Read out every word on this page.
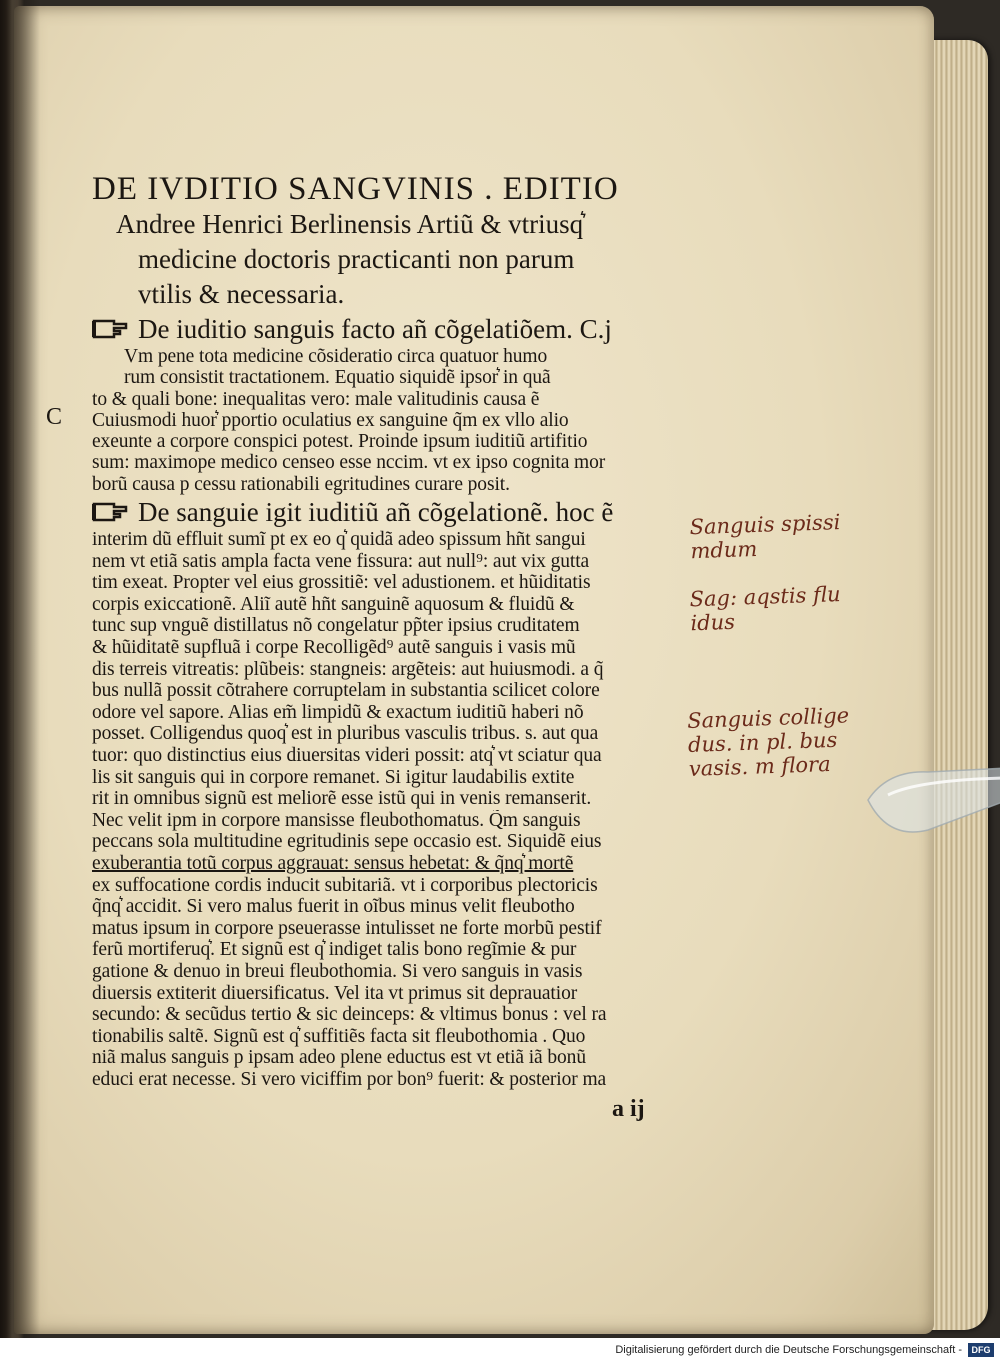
DE IVDITIO SANGVINIS . EDITIO
Andree Henrici Berlinensis Artiũ & vtriusq͛
medicine doctoris practicanti non parum
vtilis & necessaria.
De iuditio sanguis facto añ cõgelatiõem. C.j
Vm pene tota medicine cõsideratio circa quatuor humo
rum consistit tractationem. Equatio siquidẽ ipsor͛ in quã
to & quali bone: inequalitas vero: male valitudinis causa ẽ
Cuiusmodi huor͛ pportio oculatius ex sanguine q̃m ex vllo alio
exeunte a corpore conspici potest. Proinde ipsum iuditiũ artifitio
sum: maximope medico censeo esse nccim. vt ex ipso cognita mor
borũ causa p cessu rationabili egritudines curare posit.
De sanguie igit iuditiũ añ cõgelationẽ. hoc ẽ
interim dũ effluit sumĩ pt ex eo q͛ quidã adeo spissum hñt sangui
nem vt etiã satis ampla facta vene fissura: aut null⁹: aut vix gutta
tim exeat. Propter vel eius grossitiẽ: vel adustionem. et hũiditatis
corpis exiccationẽ. Aliĩ autẽ hñt sanguinẽ aquosum & fluidũ &
tunc sup vnguẽ distillatus nõ congelatur pp̃ter ipsius cruditatem
& hũiditatẽ supfluã i corpe Recolligẽd⁹ autẽ sanguis i vasis mũ
dis terreis vitreatis: plũbeis: stangneis: argẽteis: aut huiusmodi. a q̃
bus nullã possit cõtrahere corruptelam in substantia scilicet colore
odore vel sapore. Alias em̃ limpidũ & exactum iuditiũ haberi nõ
posset. Colligendus quoq͛ est in pluribus vasculis tribus. s. aut qua
tuor: quo distinctius eius diuersitas videri possit: atq͛ vt sciatur qua
lis sit sanguis qui in corpore remanet. Si igitur laudabilis extite
rit in omnibus signũ est meliorẽ esse istũ qui in venis remanserit.
Nec velit ipm in corpore mansisse fleubothomatus. Q̃m sanguis
peccans sola multitudine egritudinis sepe occasio est. Siquidẽ eius
exuberantia totũ corpus aggrauat: sensus hebetat: & q̃nq͛ mortẽ
ex suffocatione cordis inducit subitariã. vt i corporibus plectoricis
q̃nq͛ accidit. Si vero malus fuerit in oĩbus minus velit fleubotho
matus ipsum in corpore pseuerasse intulisset ne forte morbũ pestif
ferũ mortiferuq͛. Et signũ est q͛ indiget talis bono regĩmie & pur
gatione & denuo in breui fleubothomia. Si vero sanguis in vasis
diuersis extiterit diuersificatus. Vel ita vt primus sit deprauatior
secundo: & secũdus tertio & sic deinceps: & vltimus bonus : vel ra
tionabilis saltẽ. Signũ est q͛ suffitiẽs facta sit fleubothomia . Quo
niã malus sanguis p ipsam adeo plene eductus est vt etiã iã bonũ
educi erat necesse. Si vero viciffim por bon⁹ fuerit: & posterior ma
C
a ij
Sanguis spissi mdum
Sag: aqstis flu idus
Sanguis collige dus. in pl. bus vasis. m flora
Digitalisierung gefördert durch die Deutsche Forschungsgemeinschaft -	DFG
